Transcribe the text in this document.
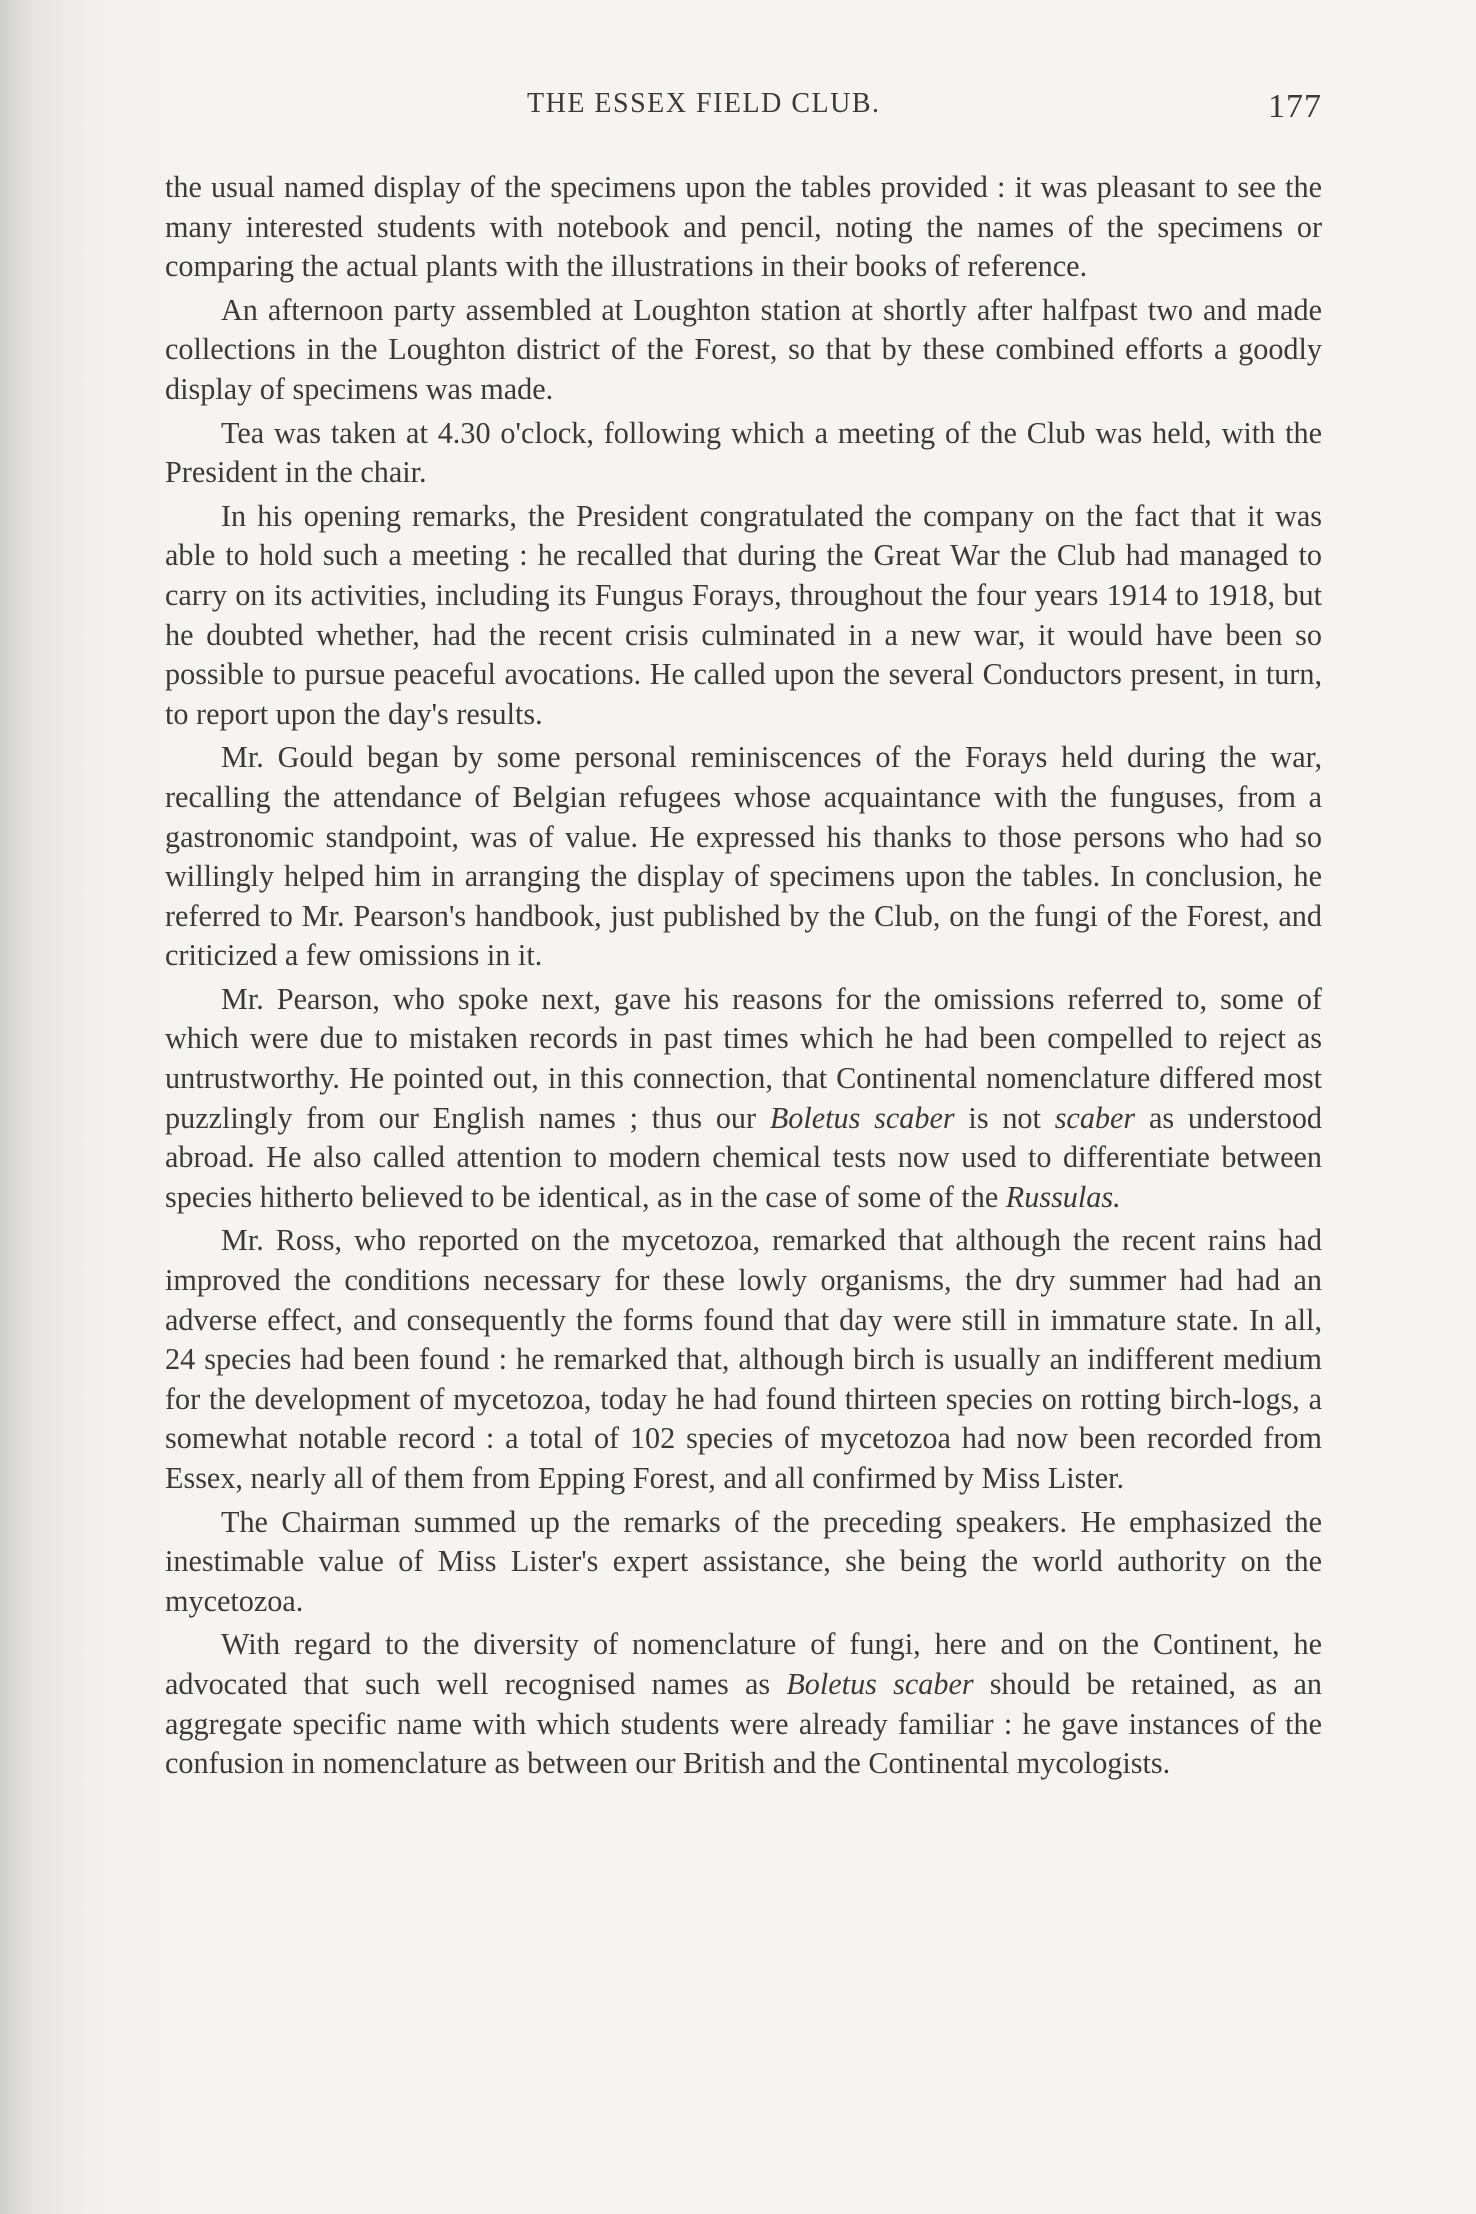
THE ESSEX FIELD CLUB.	177

the usual named display of the specimens upon the tables provided : it was pleasant to see the many interested students with notebook and pencil, noting the names of the specimens or comparing the actual plants with the illustrations in their books of reference.

An afternoon party assembled at Loughton station at shortly after halfpast two and made collections in the Loughton district of the Forest, so that by these combined efforts a goodly display of specimens was made.

Tea was taken at 4.30 o'clock, following which a meeting of the Club was held, with the President in the chair.

In his opening remarks, the President congratulated the company on the fact that it was able to hold such a meeting : he recalled that during the Great War the Club had managed to carry on its activities, including its Fungus Forays, throughout the four years 1914 to 1918, but he doubted whether, had the recent crisis culminated in a new war, it would have been so possible to pursue peaceful avocations. He called upon the several Conductors present, in turn, to report upon the day's results.

Mr. Gould began by some personal reminiscences of the Forays held during the war, recalling the attendance of Belgian refugees whose acquaintance with the funguses, from a gastronomic standpoint, was of value. He expressed his thanks to those persons who had so willingly helped him in arranging the display of specimens upon the tables. In conclusion, he referred to Mr. Pearson's handbook, just published by the Club, on the fungi of the Forest, and criticized a few omissions in it.

Mr. Pearson, who spoke next, gave his reasons for the omissions referred to, some of which were due to mistaken records in past times which he had been compelled to reject as untrustworthy. He pointed out, in this connection, that Continental nomenclature differed most puzzlingly from our English names ; thus our Boletus scaber is not scaber as understood abroad. He also called attention to modern chemical tests now used to differentiate between species hitherto believed to be identical, as in the case of some of the Russulas.

Mr. Ross, who reported on the mycetozoa, remarked that although the recent rains had improved the conditions necessary for these lowly organisms, the dry summer had had an adverse effect, and consequently the forms found that day were still in immature state. In all, 24 species had been found : he remarked that, although birch is usually an indifferent medium for the development of mycetozoa, today he had found thirteen species on rotting birch-logs, a somewhat notable record : a total of 102 species of mycetozoa had now been recorded from Essex, nearly all of them from Epping Forest, and all confirmed by Miss Lister.

The Chairman summed up the remarks of the preceding speakers. He emphasized the inestimable value of Miss Lister's expert assistance, she being the world authority on the mycetozoa.

With regard to the diversity of nomenclature of fungi, here and on the Continent, he advocated that such well recognised names as Boletus scaber should be retained, as an aggregate specific name with which students were already familiar : he gave instances of the confusion in nomenclature as between our British and the Continental mycologists.
